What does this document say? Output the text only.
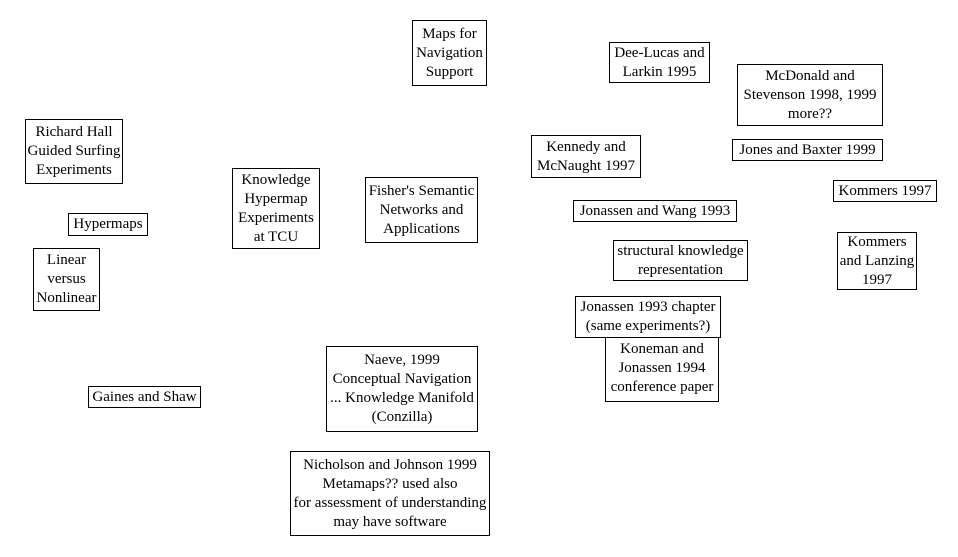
Maps for
Navigation
Support
Dee-Lucas and
Larkin 1995	McDonald and
Stevenson 1998, 1999
more??
Richard Hall
Guided Surfing
Experiments
Kennedy and
McNaught 1997
Jones and Baxter 1999
Knowledge
Hypermap
Experiments
at TCU
Fisher's Semantic
Networks and
Applications
Kommers 1997
Jonassen and Wang 1993
Hypermaps
Kommers
and Lanzing
1997
structural knowledge
representation
Linear
versus
Nonlinear
Koneman and
Jonassen 1994
conference paper
Jonassen 1993 chapter
(same experiments?)
Naeve, 1999
Conceptual Navigation
... Knowledge Manifold
(Conzilla)
Gaines and Shaw
Nicholson and Johnson 1999
Metamaps?? used also
for assessment of understanding
may have software
